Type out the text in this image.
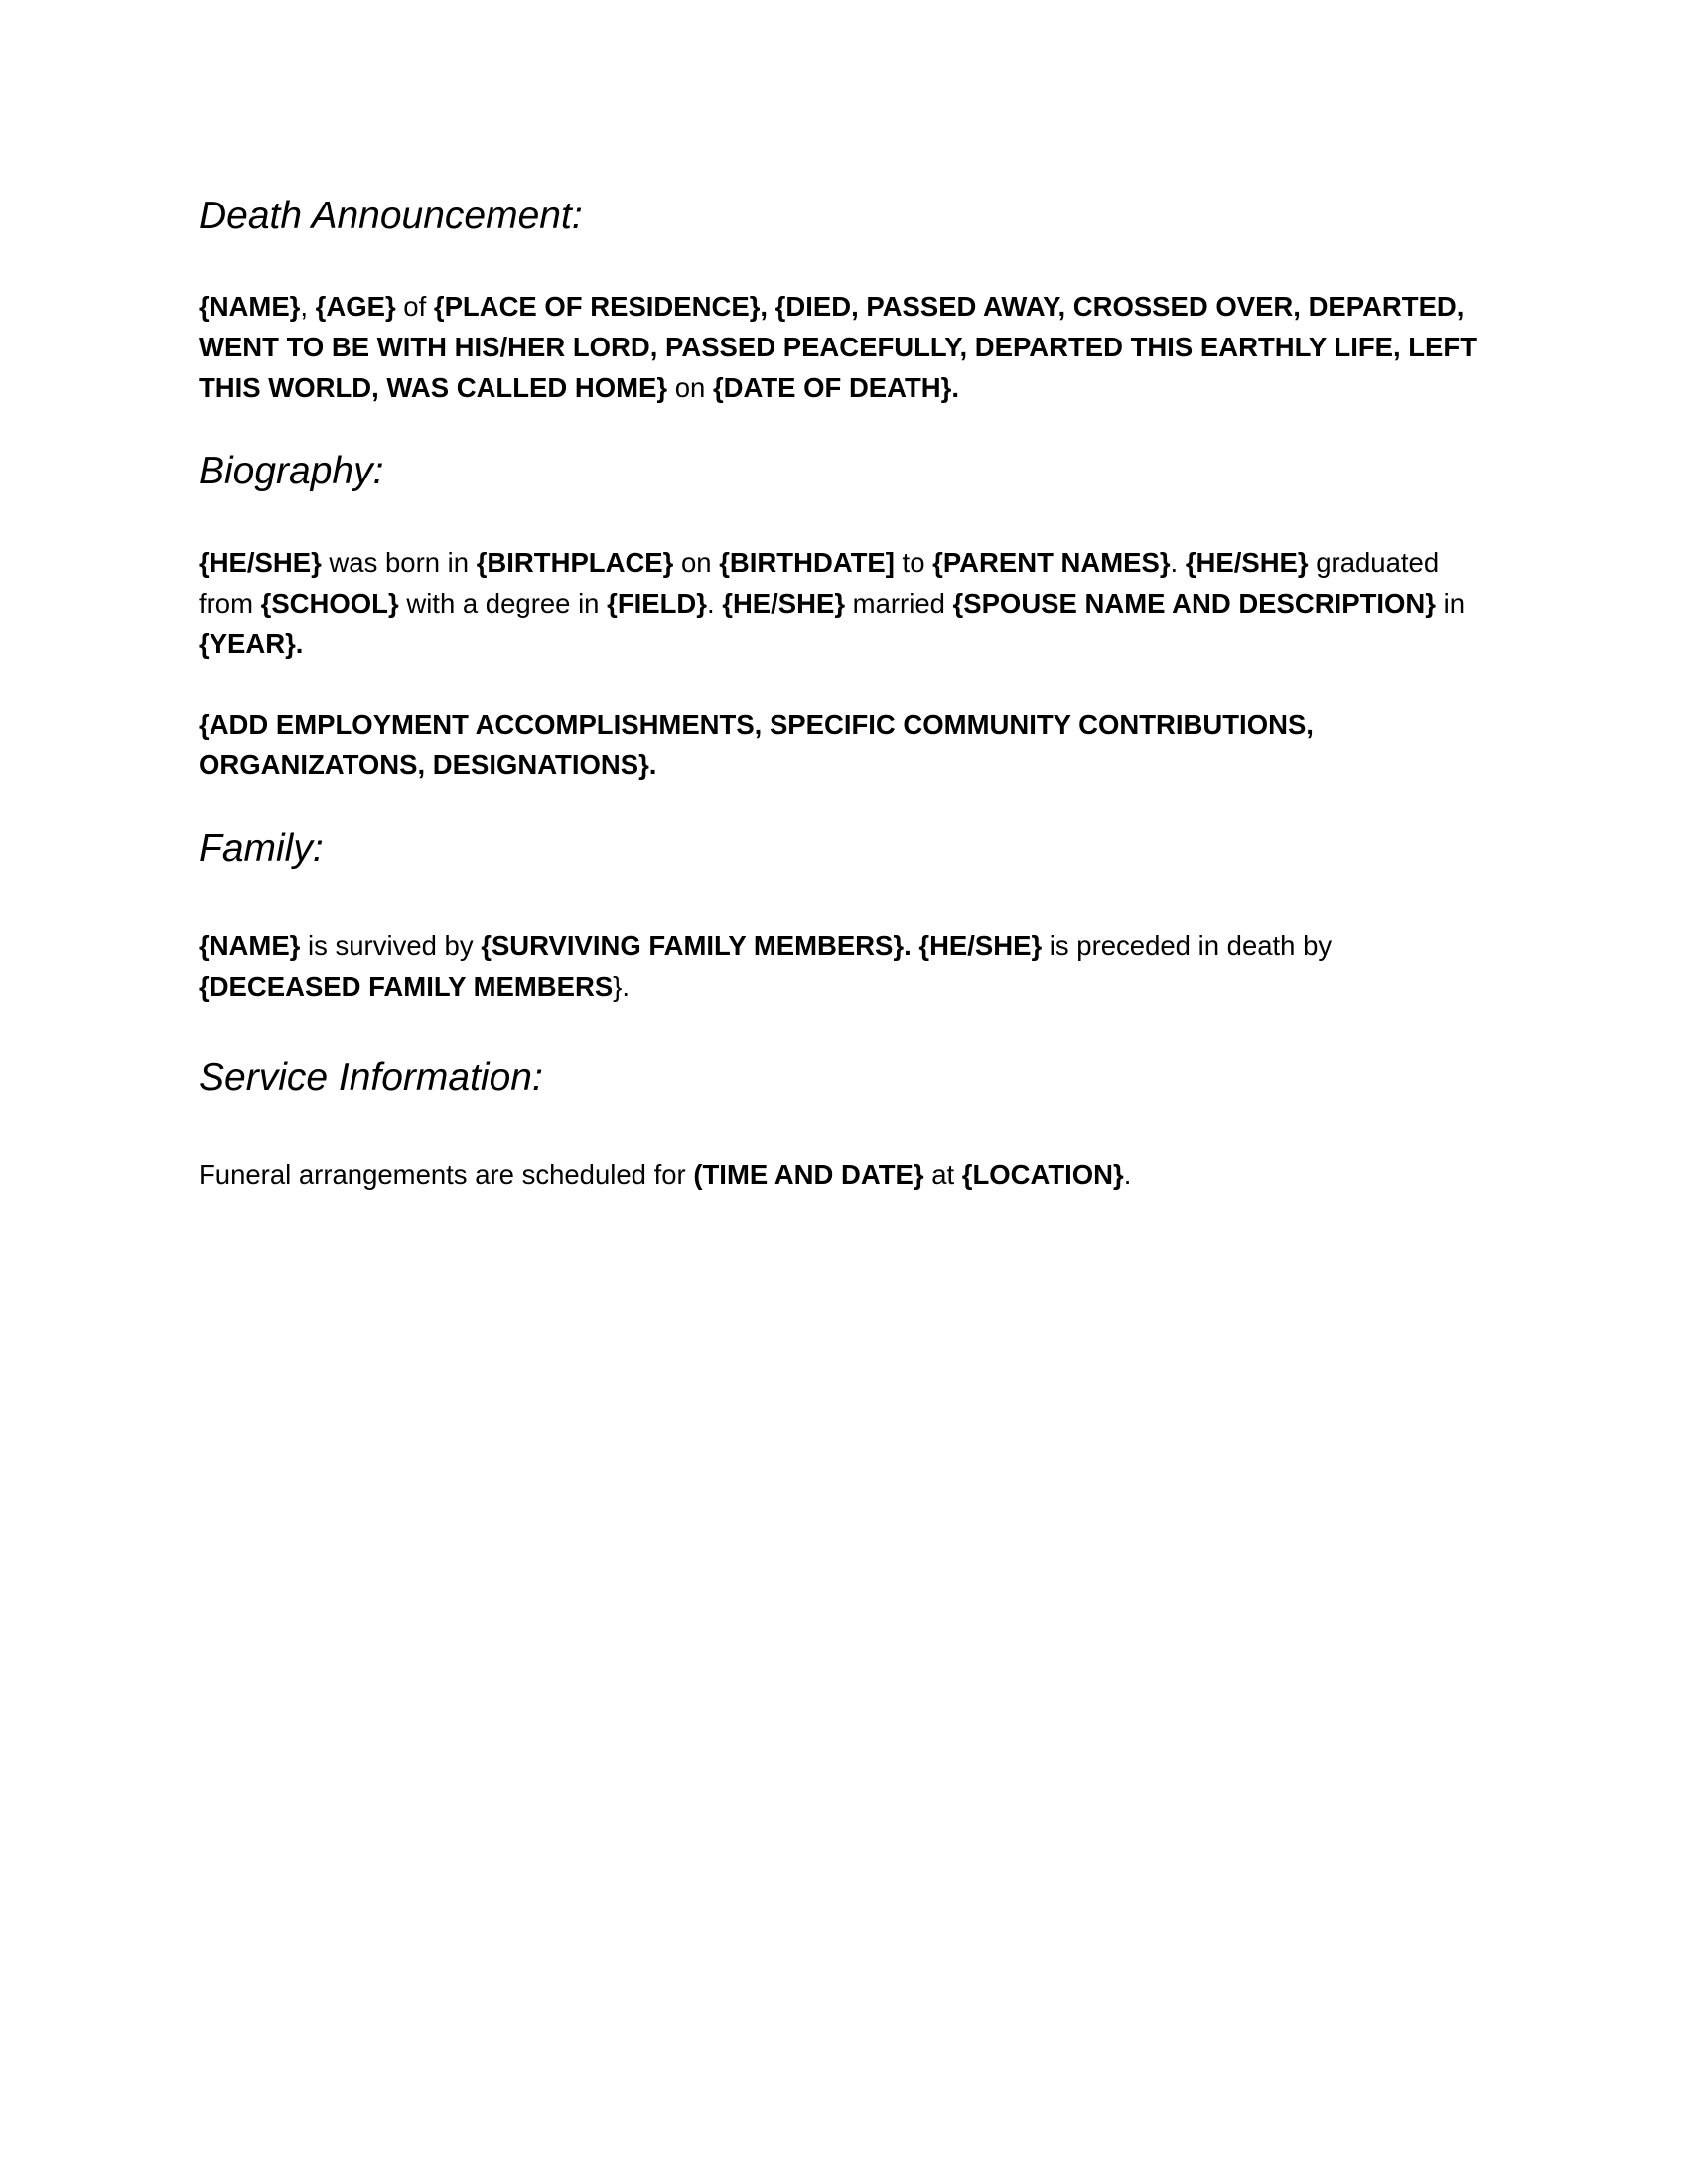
Death Announcement:

{NAME}, {AGE} of {PLACE OF RESIDENCE}, {DIED, PASSED AWAY, CROSSED OVER, DEPARTED, WENT TO BE WITH HIS/HER LORD, PASSED PEACEFULLY, DEPARTED THIS EARTHLY LIFE, LEFT THIS WORLD, WAS CALLED HOME} on {DATE OF DEATH}.

Biography:

{HE/SHE} was born in {BIRTHPLACE} on {BIRTHDATE] to {PARENT NAMES}. {HE/SHE} graduated from {SCHOOL} with a degree in {FIELD}. {HE/SHE} married {SPOUSE NAME AND DESCRIPTION} in {YEAR}.

{ADD EMPLOYMENT ACCOMPLISHMENTS, SPECIFIC COMMUNITY CONTRIBUTIONS, ORGANIZATONS, DESIGNATIONS}.

Family:

{NAME} is survived by {SURVIVING FAMILY MEMBERS}. {HE/SHE} is preceded in death by {DECEASED FAMILY MEMBERS}.

Service Information:

Funeral arrangements are scheduled for (TIME AND DATE} at {LOCATION}.
